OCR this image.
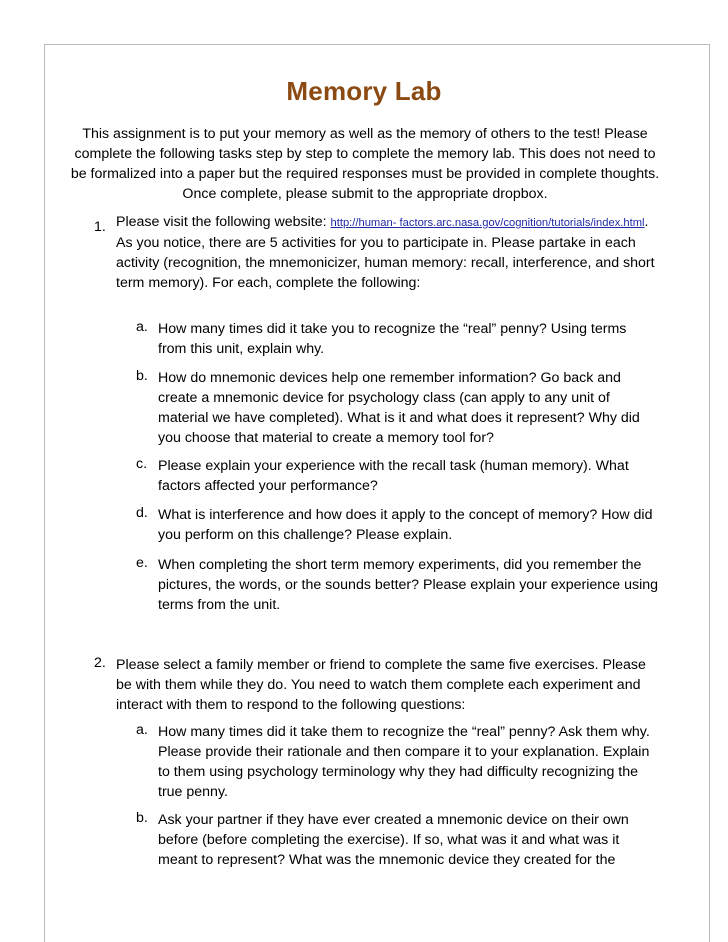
Memory Lab
This assignment is to put your memory as well as the memory of others to the test! Please complete the following tasks step by step to complete the memory lab. This does not need to be formalized into a paper but the required responses must be provided in complete thoughts. Once complete, please submit to the appropriate dropbox.
1. Please visit the following website: http://human- factors.arc.nasa.gov/cognition/tutorials/index.html. As you notice, there are 5 activities for you to participate in. Please partake in each activity (recognition, the mnemonicizer, human memory: recall, interference, and short term memory). For each, complete the following:
a. How many times did it take you to recognize the “real” penny? Using terms from this unit, explain why.
b. How do mnemonic devices help one remember information? Go back and create a mnemonic device for psychology class (can apply to any unit of material we have completed). What is it and what does it represent? Why did you choose that material to create a memory tool for?
c. Please explain your experience with the recall task (human memory). What factors affected your performance?
d. What is interference and how does it apply to the concept of memory? How did you perform on this challenge? Please explain.
e. When completing the short term memory experiments, did you remember the pictures, the words, or the sounds better? Please explain your experience using terms from the unit.
2. Please select a family member or friend to complete the same five exercises. Please be with them while they do. You need to watch them complete each experiment and interact with them to respond to the following questions:
a. How many times did it take them to recognize the “real” penny? Ask them why. Please provide their rationale and then compare it to your explanation. Explain to them using psychology terminology why they had difficulty recognizing the true penny.
b. Ask your partner if they have ever created a mnemonic device on their own before (before completing the exercise). If so, what was it and what was it meant to represent? What was the mnemonic device they created for the
